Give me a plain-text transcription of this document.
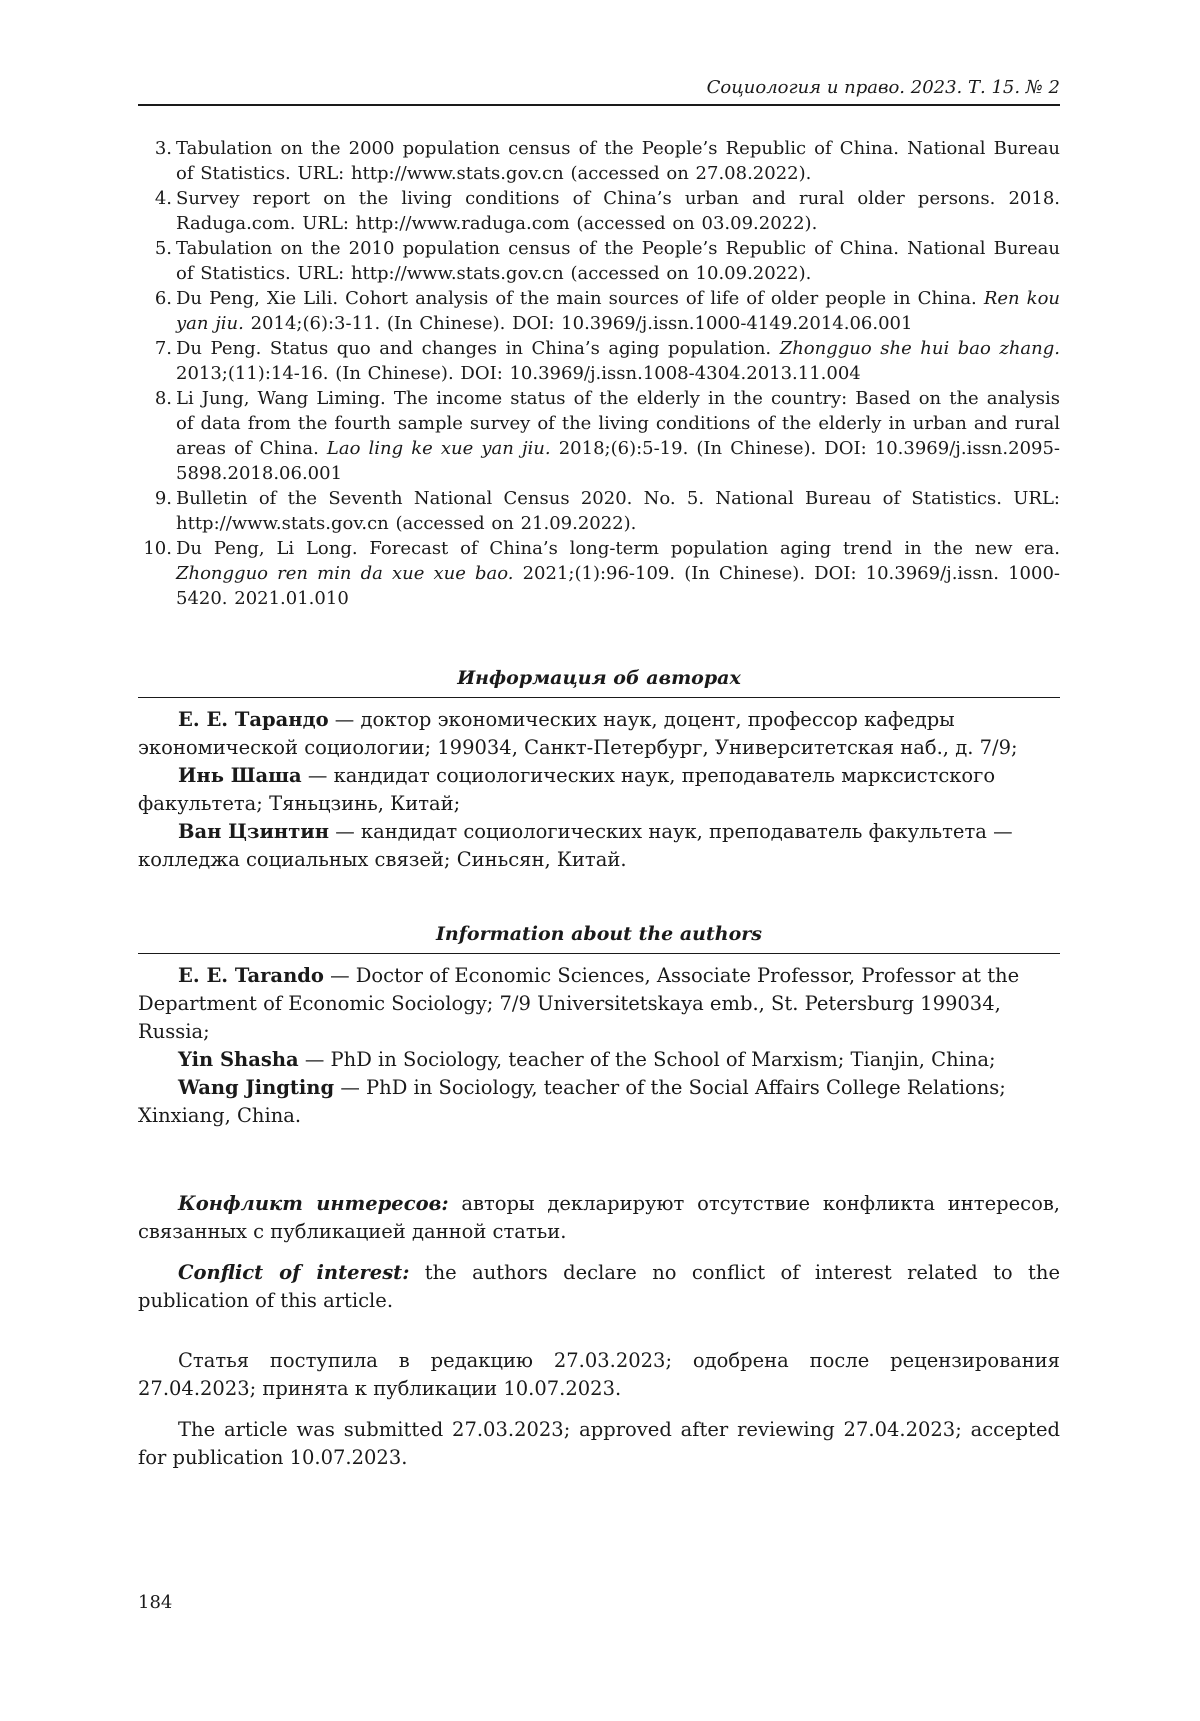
Социология и право. 2023. Т. 15. № 2
3. Tabulation on the 2000 population census of the People’s Republic of China. National Bureau of Statistics. URL: http://www.stats.gov.cn (accessed on 27.08.2022).
4. Survey report on the living conditions of China’s urban and rural older persons. 2018. Raduga.com. URL: http://www.raduga.com (accessed on 03.09.2022).
5. Tabulation on the 2010 population census of the People’s Republic of China. National Bureau of Statistics. URL: http://www.stats.gov.cn (accessed on 10.09.2022).
6. Du Peng, Xie Lili. Cohort analysis of the main sources of life of older people in China. Ren kou yan jiu. 2014;(6):3-11. (In Chinese). DOI: 10.3969/j.issn.1000-4149.2014.06.001
7. Du Peng. Status quo and changes in China’s aging population. Zhongguo she hui bao zhang. 2013;(11):14-16. (In Chinese). DOI: 10.3969/j.issn.1008-4304.2013.11.004
8. Li Jung, Wang Liming. The income status of the elderly in the country: Based on the analysis of data from the fourth sample survey of the living conditions of the elderly in urban and rural areas of China. Lao ling ke xue yan jiu. 2018;(6):5-19. (In Chinese). DOI: 10.3969/j.issn.2095-5898.2018.06.001
9. Bulletin of the Seventh National Census 2020. No. 5. National Bureau of Statistics. URL: http://www.stats.gov.cn (accessed on 21.09.2022).
10. Du Peng, Li Long. Forecast of China’s long-term population aging trend in the new era. Zhongguo ren min da xue xue bao. 2021;(1):96-109. (In Chinese). DOI: 10.3969/j.issn. 1000-5420. 2021.01.010
Информация об авторах

Е. Е. Тарандо — доктор экономических наук, доцент, профессор кафедры экономической социологии; 199034, Санкт-Петербург, Университетская наб., д. 7/9;

Инь Шаша — кандидат социологических наук, преподаватель марксистского факультета; Тяньцзинь, Китай;

Ван Цзинтин — кандидат социологических наук, преподаватель факультета — колледжа социальных связей; Синьсян, Китай.

Information about the authors

E. E. Tarando — Doctor of Economic Sciences, Associate Professor, Professor at the Department of Economic Sociology; 7/9 Universitetskaya emb., St. Petersburg 199034, Russia;

Yin Shasha — PhD in Sociology, teacher of the School of Marxism; Tianjin, China;

Wang Jingting — PhD in Sociology, teacher of the Social Affairs College Relations; Xinxiang, China.

Конфликт интересов: авторы декларируют отсутствие конфликта интересов, связанных с публикацией данной статьи.

Conflict of interest: the authors declare no conflict of interest related to the publication of this article.

Статья поступила в редакцию 27.03.2023; одобрена после рецензирования 27.04.2023; принята к публикации 10.07.2023.

The article was submitted 27.03.2023; approved after reviewing 27.04.2023; accepted for publication 10.07.2023.

184
